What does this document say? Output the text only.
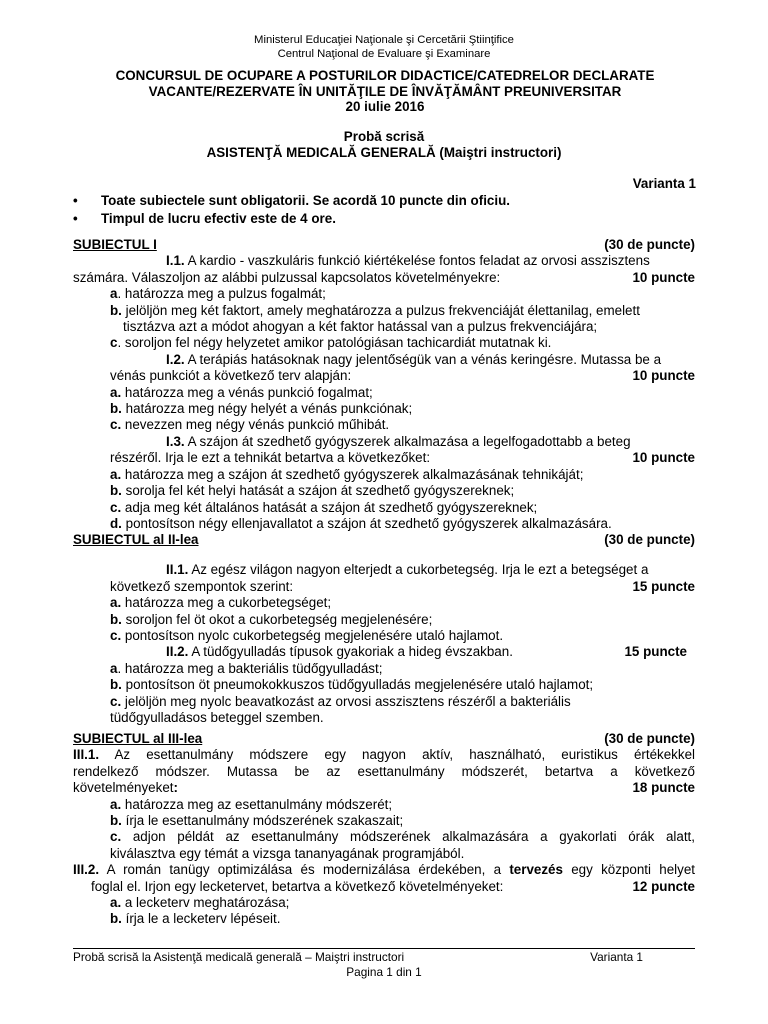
Ministerul Educaţiei Naţionale şi Cercetării Ştiinţifice
Centrul Naţional de Evaluare şi Examinare
CONCURSUL DE OCUPARE A POSTURILOR DIDACTICE/CATEDRELOR DECLARATE
VACANTE/REZERVATE ÎN UNITĂŢILE DE ÎNVĂŢĂMÂNT PREUNIVERSITAR
20 iulie 2016
Probă scrisă
ASISTENŢĂ MEDICALĂ GENERALĂ (Maiştri instructori)
Varianta 1
• Toate subiectele sunt obligatorii. Se acordă 10 puncte din oficiu.
• Timpul de lucru efectiv este de 4 ore.
SUBIECTUL I	(30 de puncte)
I.1. A kardio - vaszkuláris funkció kiértékelése fontos feladat az orvosi asszisztens
számára. Válaszoljon az alábbi pulzussal kapcsolatos követelményekre:	10 puncte
a. határozza meg a pulzus fogalmát;
b. jelöljön meg két faktort, amely meghatározza a pulzus frekvenciáját élettanilag, emelett
tisztázva azt a módot ahogyan a két faktor hatással van a pulzus frekvenciájára;
c. soroljon fel négy helyzetet amikor patológiásan tachicardiát mutatnak ki.
I.2. A terápiás hatásoknak nagy jelentőségük van a vénás keringésre. Mutassa be a
vénás punkciót a következő terv alapján:	10 puncte
a. határozza meg a vénás punkció fogalmat;
b. határozza meg négy helyét a vénás punkciónak;
c. nevezzen meg négy vénás punkció műhibát.
I.3. A szájon át szedhető gyógyszerek alkalmazása a legelfogadottabb a beteg
részéről. Irja le ezt a tehnikát betartva a következőket:	10 puncte
a. határozza meg a szájon át szedhető gyógyszerek alkalmazásának tehnikáját;
b. sorolja fel két helyi hatását a szájon át szedhető gyógyszereknek;
c. adja meg két általános hatását a szájon át szedhető gyógyszereknek;
d. pontosítson négy ellenjavallatot a szájon át szedhető gyógyszerek alkalmazására.
SUBIECTUL al II-lea	(30 de puncte)
II.1. Az egész világon nagyon elterjedt a cukorbetegség. Irja le ezt a betegséget a
következő szempontok szerint:	15 puncte
a. határozza meg a cukorbetegséget;
b. soroljon fel öt okot a cukorbetegség megjelenésére;
c. pontosítson nyolc cukorbetegség megjelenésére utaló hajlamot.
II.2. A tüdőgyulladás típusok gyakoriak a hideg évszakban.	15 puncte
a. határozza meg a bakteriális tüdőgyulladást;
b. pontosítson öt pneumokokkuszos tüdőgyulladás megjelenésére utaló hajlamot;
c. jelöljön meg nyolc beavatkozást az orvosi asszisztens részéről a bakteriális
tüdőgyulladásos beteggel szemben.
SUBIECTUL al III-lea	(30 de puncte)
III.1. Az esettanulmány módszere egy nagyon aktív, használható, euristikus értékekkel
rendelkező módszer. Mutassa be az esettanulmány módszerét, betartva a következő
követelményeket:	18 puncte
a. határozza meg az esettanulmány módszerét;
b. írja le esettanulmány módszerének szakaszait;
c. adjon példát az esettanulmány módszerének alkalmazására a gyakorlati órák alatt,
kiválasztva egy témát a vizsga tananyagának programjából.
III.2. A román tanügy optimizálása és modernizálása érdekében, a tervezés egy központi helyet
foglal el. Irjon egy lecketervet, betartva a következő követelményeket:	12 puncte
a. a lecketerv meghatározása;
b. írja le a lecketerv lépéseit.
Probă scrisă la Asistenţă medicală generală – Maiştri instructori	Varianta 1
Pagina 1 din 1
